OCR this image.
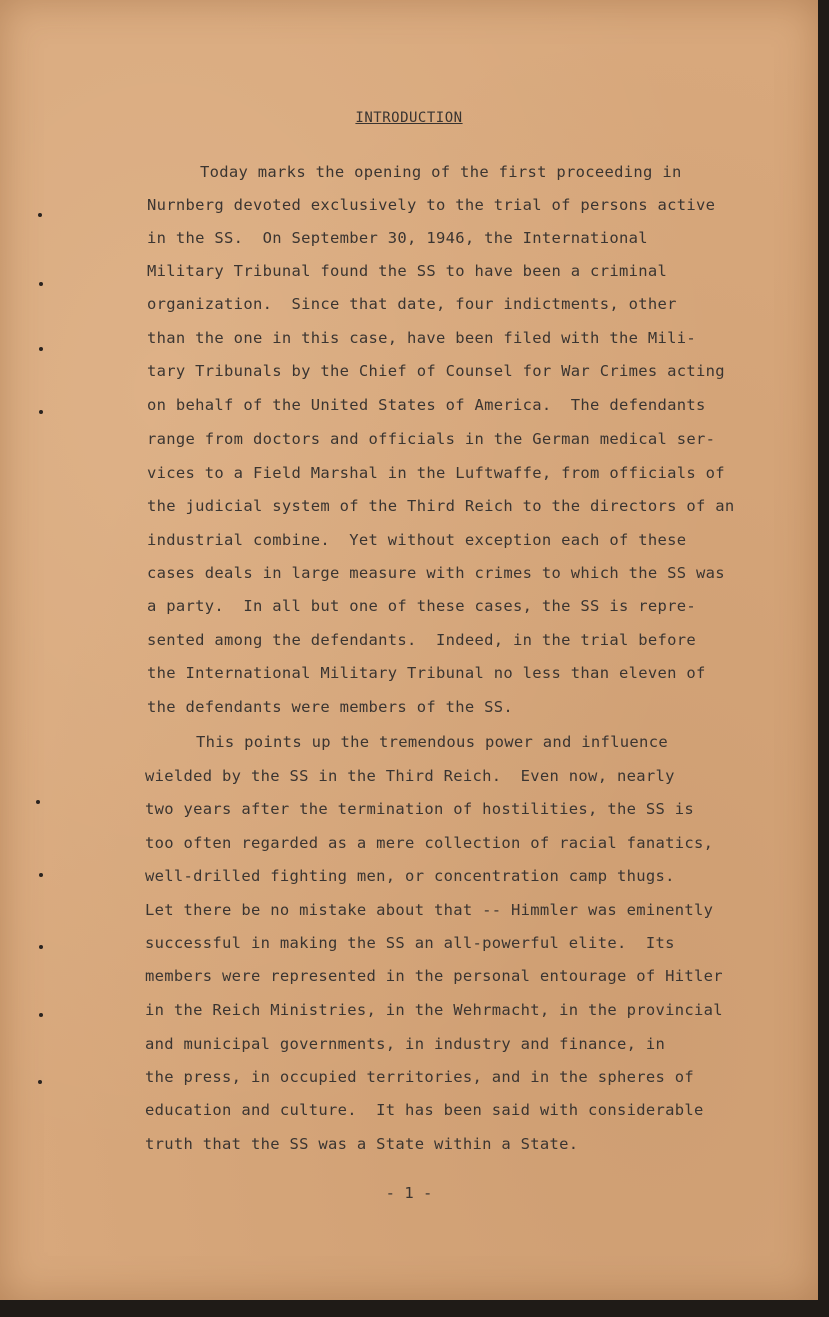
INTRODUCTION
Today marks the opening of the first proceeding in
Nurnberg devoted exclusively to the trial of persons active
in the SS.  On September 30, 1946, the International
Military Tribunal found the SS to have been a criminal
organization.  Since that date, four indictments, other
than the one in this case, have been filed with the Mili-
tary Tribunals by the Chief of Counsel for War Crimes acting
on behalf of the United States of America.  The defendants
range from doctors and officials in the German medical ser-
vices to a Field Marshal in the Luftwaffe, from officials of
the judicial system of the Third Reich to the directors of an
industrial combine.  Yet without exception each of these
cases deals in large measure with crimes to which the SS was
a party.  In all but one of these cases, the SS is repre-
sented among the defendants.  Indeed, in the trial before
the International Military Tribunal no less than eleven of
the defendants were members of the SS.
This points up the tremendous power and influence
wielded by the SS in the Third Reich.  Even now, nearly
two years after the termination of hostilities, the SS is
too often regarded as a mere collection of racial fanatics,
well-drilled fighting men, or concentration camp thugs.
Let there be no mistake about that -- Himmler was eminently
successful in making the SS an all-powerful elite.  Its
members were represented in the personal entourage of Hitler
in the Reich Ministries, in the Wehrmacht, in the provincial
and municipal governments, in industry and finance, in
the press, in occupied territories, and in the spheres of
education and culture.  It has been said with considerable
truth that the SS was a State within a State.
- 1 -
